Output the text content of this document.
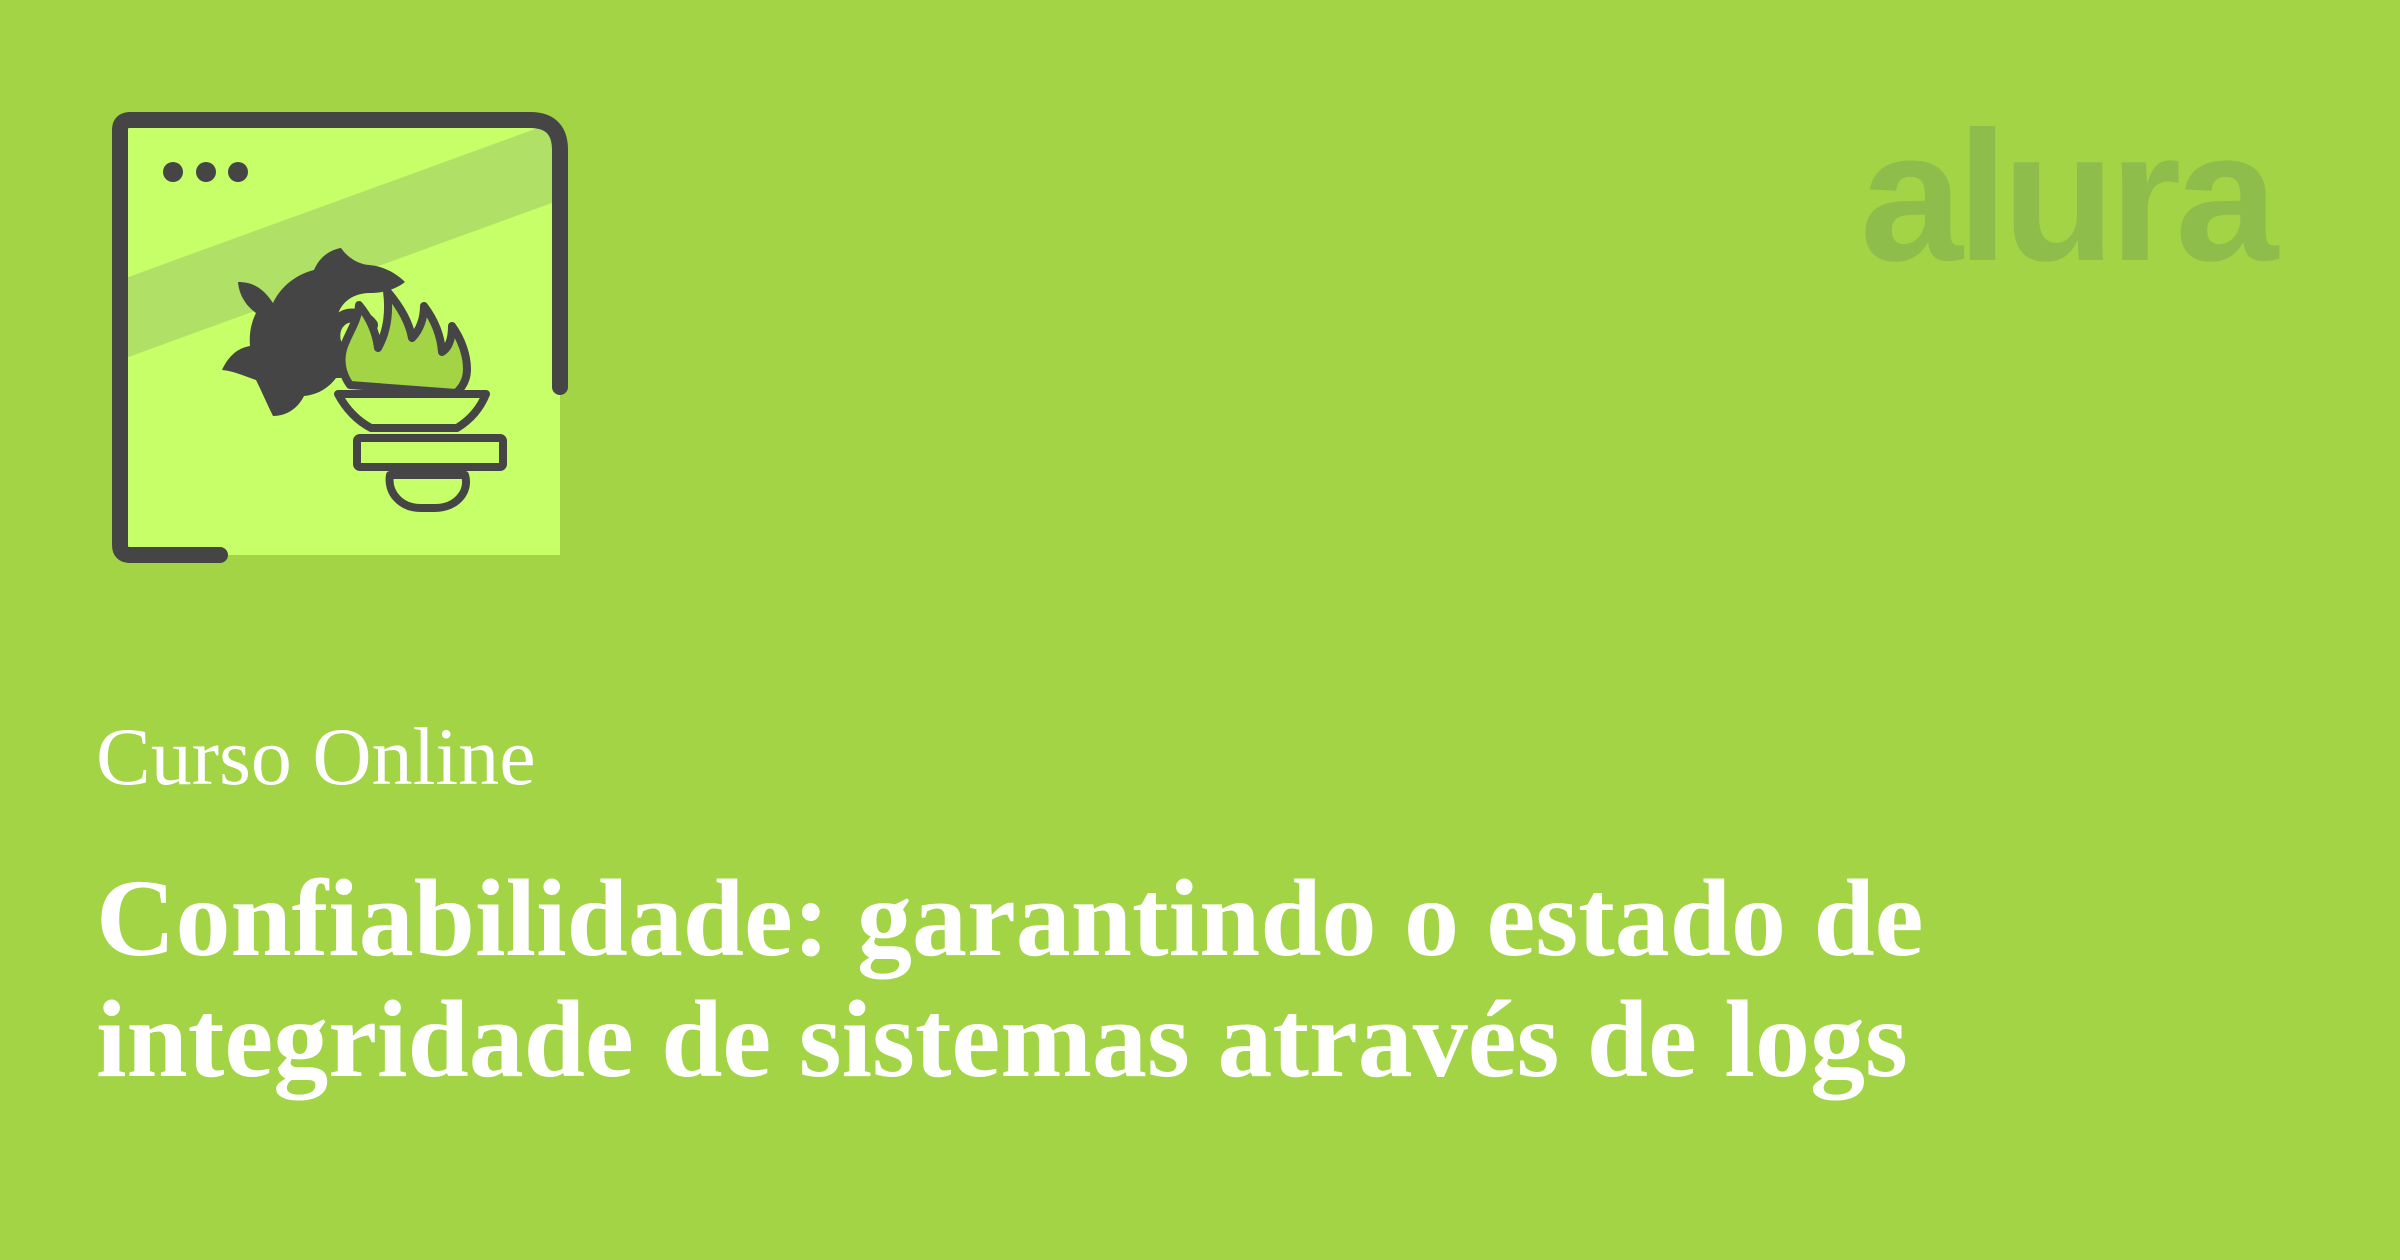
alura
Curso Online
Confiabilidade: garantindo o estado de integridade de sistemas através de logs
